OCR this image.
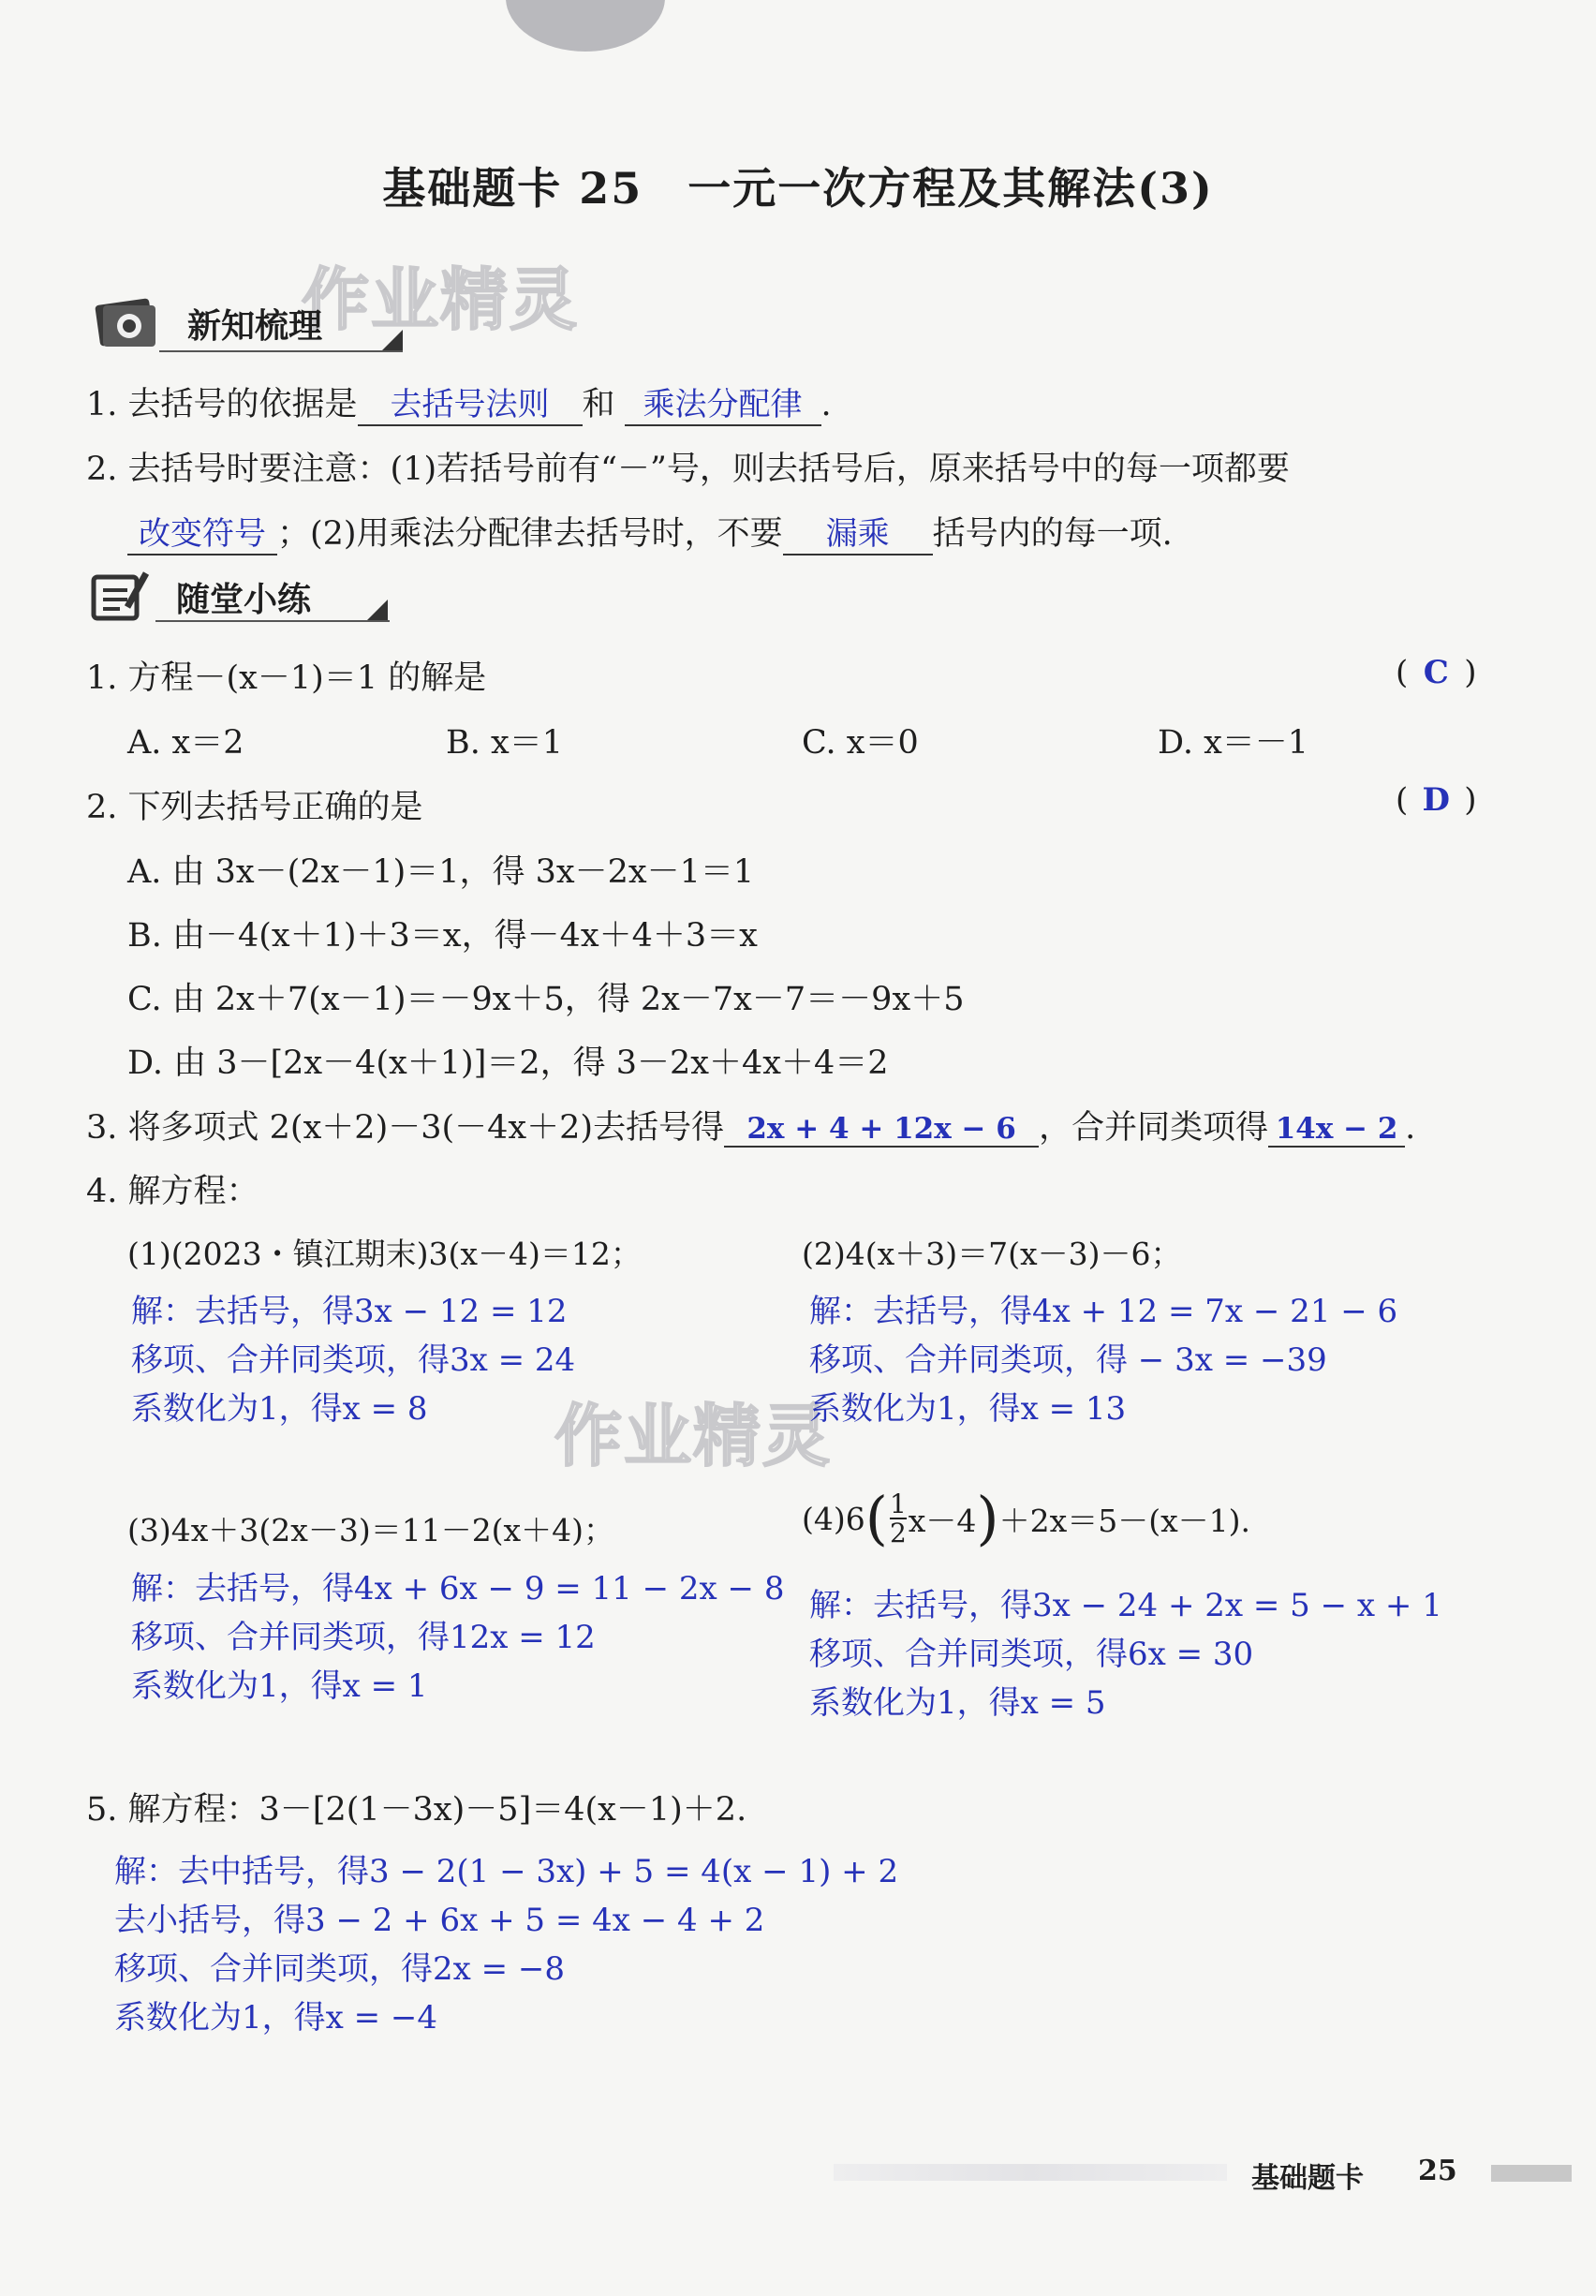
基础题卡 25　一元一次方程及其解法(3)
作业精灵
作业精灵
新知梳理
1. 去括号的依据是 去括号法则 和 乘法分配律 .
2. 去括号时要注意：(1)若括号前有“－”号，则去括号后，原来括号中的每一项都要
改变符号 ；(2)用乘法分配律去括号时，不要 漏乘 括号内的每一项.
随堂小练
1. 方程－(x－1)＝1 的解是	( C )
A. x＝2	B. x＝1	C. x＝0	D. x＝－1
2. 下列去括号正确的是	( D )
A. 由 3x－(2x－1)＝1，得 3x－2x－1＝1
B. 由－4(x＋1)＋3＝x，得－4x＋4＋3＝x
C. 由 2x＋7(x－1)＝－9x＋5，得 2x－7x－7＝－9x＋5
D. 由 3－[2x－4(x＋1)]＝2，得 3－2x＋4x＋4＝2
3. 将多项式 2(x＋2)－3(－4x＋2)去括号得 2x + 4 + 12x − 6 ，合并同类项得 14x − 2 .
4. 解方程：
(1)(2023・镇江期末)3(x－4)＝12；
解：去括号，得3x − 12 = 12
移项、合并同类项，得3x = 24
系数化为1，得x = 8
(2)4(x＋3)＝7(x－3)－6；
解：去括号，得4x + 12 = 7x − 21 − 6
移项、合并同类项，得 − 3x = −39
系数化为1，得x = 13
(3)4x＋3(2x－3)＝11－2(x＋4)；
解：去括号，得4x + 6x − 9 = 11 − 2x − 8
移项、合并同类项，得12x = 12
系数化为1，得x = 1
(4)6 ( 1
2 x－4 ) ＋2x＝5－(x－1).
解：去括号，得3x − 24 + 2x = 5 − x + 1
移项、合并同类项，得6x = 30
系数化为1，得x = 5
5. 解方程：3－[2(1－3x)－5]＝4(x－1)＋2.
解：去中括号，得3 − 2(1 − 3x) + 5 = 4(x − 1) + 2
去小括号，得3 − 2 + 6x + 5 = 4x − 4 + 2
移项、合并同类项，得2x = −8
系数化为1，得x = −4
基础题卡 25
